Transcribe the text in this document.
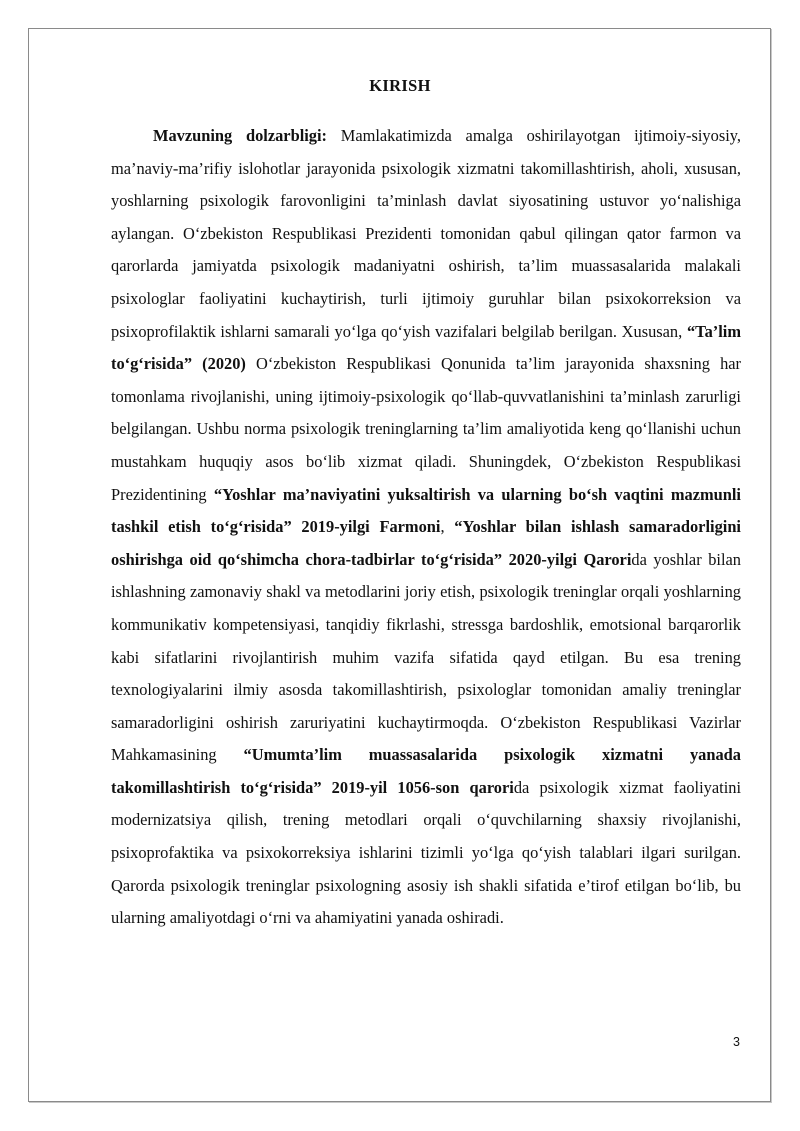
KIRISH

Mavzuning dolzarbligi: Mamlakatimizda amalga oshirilayotgan ijtimoiy-siyosiy, ma’naviy-ma’rifiy islohotlar jarayonida psixologik xizmatni takomillashtirish, aholi, xususan, yoshlarning psixologik farovonligini ta’minlash davlat siyosatining ustuvor yo‘nalishiga aylangan. O‘zbekiston Respublikasi Prezidenti tomonidan qabul qilingan qator farmon va qarorlarda jamiyatda psixologik madaniyatni oshirish, ta’lim muassasalarida malakali psixologlar faoliyatini kuchaytirish, turli ijtimoiy guruhlar bilan psixokorreksion va psixoprofilaktik ishlarni samarali yo‘lga qo‘yish vazifalari belgilab berilgan. Xususan, “Ta’lim to‘g‘risida” (2020) O‘zbekiston Respublikasi Qonunida ta’lim jarayonida shaxsning har tomonlama rivojlanishi, uning ijtimoiy-psixologik qo‘llab-quvvatlanishini ta’minlash zarurligi belgilangan. Ushbu norma psixologik treninglarning ta’lim amaliyotida keng qo‘llanishi uchun mustahkam huquqiy asos bo‘lib xizmat qiladi. Shuningdek, O‘zbekiston Respublikasi Prezidentining “Yoshlar ma’naviyatini yuksaltirish va ularning bo‘sh vaqtini mazmunli tashkil etish to‘g‘risida” 2019-yilgi Farmoni, “Yoshlar bilan ishlash samaradorligini oshirishga oid qo‘shimcha chora-tadbirlar to‘g‘risida” 2020-yilgi Qarorida yoshlar bilan ishlashning zamonaviy shakl va metodlarini joriy etish, psixologik treninglar orqali yoshlarning kommunikativ kompetensiyasi, tanqidiy fikrlashi, stressga bardoshlik, emotsional barqarorlik kabi sifatlarini rivojlantirish muhim vazifa sifatida qayd etilgan. Bu esa trening texnologiyalarini ilmiy asosda takomillashtirish, psixologlar tomonidan amaliy treninglar samaradorligini oshirish zaruriyatini kuchaytirmoqda. O‘zbekiston Respublikasi Vazirlar Mahkamasining “Umumta’lim muassasalarida psixologik xizmatni yanada takomillashtirish to‘g‘risida” 2019-yil 1056-son qarorida psixologik xizmat faoliyatini modernizatsiya qilish, trening metodlari orqali o‘quvchilarning shaxsiy rivojlanishi, psixoprofaktika va psixokorreksiya ishlarini tizimli yo‘lga qo‘yish talablari ilgari surilgan. Qarorda psixologik treninglar psixologning asosiy ish shakli sifatida e’tirof etilgan bo‘lib, bu ularning amaliyotdagi o‘rni va ahamiyatini yanada oshiradi.

3
